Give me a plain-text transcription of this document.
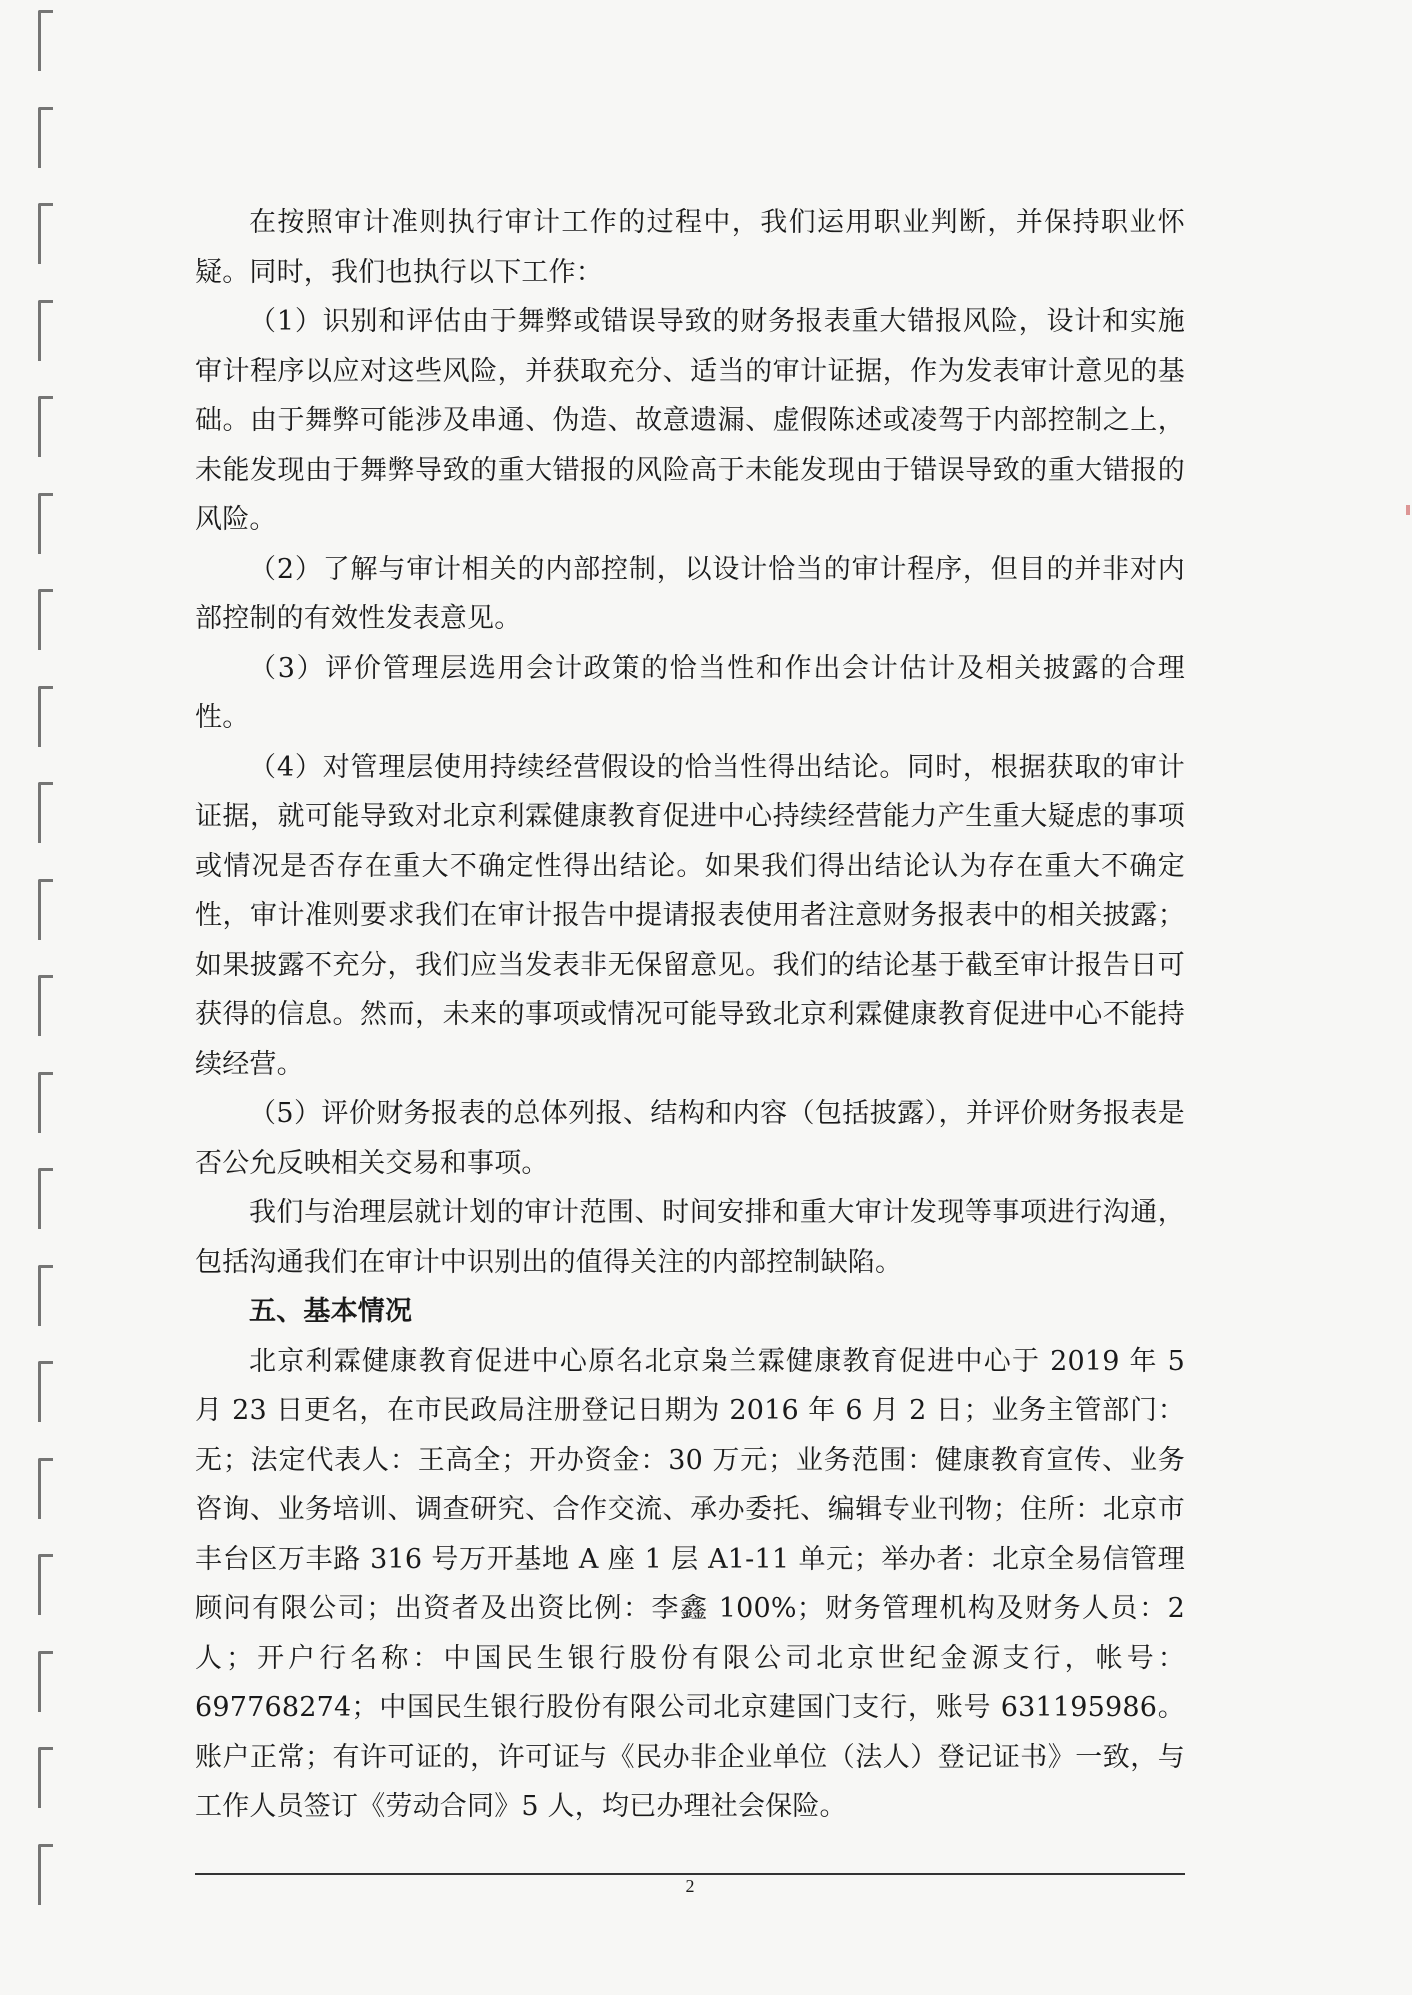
在按照审计准则执行审计工作的过程中，我们运用职业判断，并保持职业怀疑。同时，我们也执行以下工作：

（1）识别和评估由于舞弊或错误导致的财务报表重大错报风险，设计和实施审计程序以应对这些风险，并获取充分、适当的审计证据，作为发表审计意见的基础。由于舞弊可能涉及串通、伪造、故意遗漏、虚假陈述或凌驾于内部控制之上，未能发现由于舞弊导致的重大错报的风险高于未能发现由于错误导致的重大错报的风险。

（2）了解与审计相关的内部控制，以设计恰当的审计程序，但目的并非对内部控制的有效性发表意见。

（3）评价管理层选用会计政策的恰当性和作出会计估计及相关披露的合理性。

（4）对管理层使用持续经营假设的恰当性得出结论。同时，根据获取的审计证据，就可能导致对北京利霖健康教育促进中心持续经营能力产生重大疑虑的事项或情况是否存在重大不确定性得出结论。如果我们得出结论认为存在重大不确定性，审计准则要求我们在审计报告中提请报表使用者注意财务报表中的相关披露；如果披露不充分，我们应当发表非无保留意见。我们的结论基于截至审计报告日可获得的信息。然而，未来的事项或情况可能导致北京利霖健康教育促进中心不能持续经营。

（5）评价财务报表的总体列报、结构和内容（包括披露），并评价财务报表是否公允反映相关交易和事项。

我们与治理层就计划的审计范围、时间安排和重大审计发现等事项进行沟通，包括沟通我们在审计中识别出的值得关注的内部控制缺陷。

五、基本情况

北京利霖健康教育促进中心原名北京枭兰霖健康教育促进中心于 2019 年 5 月 23 日更名，在市民政局注册登记日期为 2016 年 6 月 2 日；业务主管部门：无；法定代表人：王高全；开办资金：30 万元；业务范围：健康教育宣传、业务咨询、业务培训、调查研究、合作交流、承办委托、编辑专业刊物；住所：北京市丰台区万丰路 316 号万开基地 A 座 1 层 A1-11 单元；举办者：北京全易信管理顾问有限公司；出资者及出资比例：李鑫 100%；财务管理机构及财务人员：2 人；开户行名称：中国民生银行股份有限公司北京世纪金源支行，帐号：697768274；中国民生银行股份有限公司北京建国门支行，账号 631195986。账户正常；有许可证的，许可证与《民办非企业单位（法人）登记证书》一致，与工作人员签订《劳动合同》5 人，均已办理社会保险。

2
